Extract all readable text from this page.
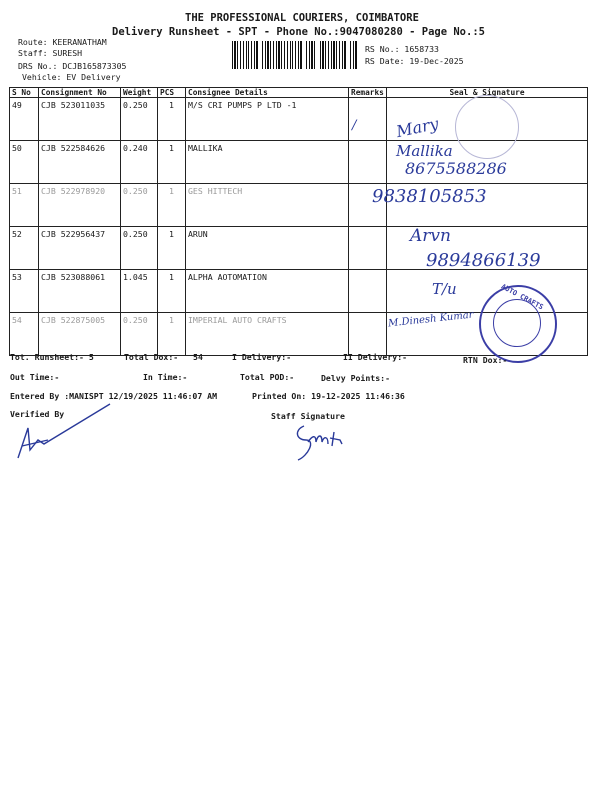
THE PROFESSIONAL COURIERS, COIMBATORE
Delivery Runsheet - SPT - Phone No.:9047080280 - Page No.:5
Route: KEERANATHAM
Staff: SURESH
DRS No.: DCJB165873305
Vehicle: EV Delivery
RS No.: 1658733
RS Date: 19-Dec-2025
S No	Consignment No	Weight	PCS	Consignee Details	Remarks	Seal & Signature
49	CJB 523011035	0.250	1	M/S CRI PUMPS P LTD -1		
50	CJB 522584626	0.240	1	MALLIKA		
51	CJB 522978920	0.250	1	GES HITTECH		
52	CJB 522956437	0.250	1	ARUN		
53	CJB 523088061	1.045	1	ALPHA AOTOMATION		
54	CJB 522875005	0.250	1	IMPERIAL AUTO CRAFTS		
/ Mary
Mallika
8675588286
9838105853
Arvn
9894866139
T/u
M.Dinesh Kumar
AUTO CRAFTS
Tot. Runsheet:- 5	Total Dox:-   54	I Delivery:-	II Delivery:-	RTN Dox:-
Out Time:-	In Time:-	Total POD:-	Delvy Points:-
Entered By :MANISPT 12/19/2025 11:46:07 AM	Printed On: 19-12-2025 11:46:36
Verified By	Staff Signature
